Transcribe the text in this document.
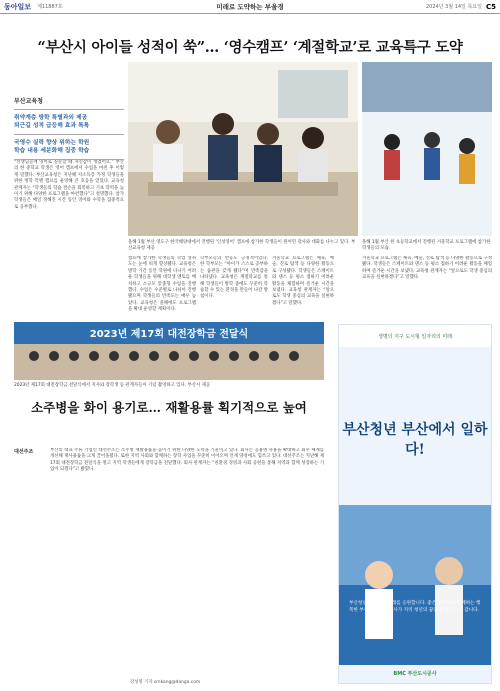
동아일보 제11887호	미래로 도약하는 부울경	2024년 3월 14일 목요일 C5
“부산시 아이들 성적이 쑥”… ‘영수캠프’ ‘계절학교’로 교육특구 도약
부산교육청
취약계층 방학 특별과외 제공
퇴근길 성적 급등해 효과 톡톡
국영수 실력 향상 위하는 학원
학습 내용 세분화해 집중 학습
“선생님들께 영어로 질문할 때 자신감이 생겼어요.” 부산의 한 중학교 학생은 영어 캠프에서 수업을 마친 후 이렇게 말했다. 부산교육청은 지난해 저소득층 가정 학생들을 위한 방학 특별 캠프를 운영해 큰 호응을 얻었다. 교육청 관계자는 “학생들의 학습 결손을 회복하고 기초 학력을 높이기 위해 다양한 프로그램을 마련했다”고 설명했다. 참가 학생들은 매일 정해진 시간 동안 영어와 수학을 집중적으로 공부했다.
올해 1월 부산 영도구 한국해양대에서 진행된 ‘인성영어’ 캠프에 참가한 학생들이 원어민 강사와 대화를 나누고 있다. 부산교육청 제공
올해 1월 부산 한 초등학교에서 진행된 겨울학교 프로그램에 참가한 학생들의 모습.
캠프에 참가한 학생들의 학업 성취도는 눈에 띄게 향상됐다. 교육청은 방학 기간 동안 학원에 다니기 어려운 학생들을 위해 대학생 멘토를 배치하고 소규모 맞춤형 수업을 진행했다. 수업은 수준별로 나뉘어 진행됐으며 학생들의 만족도는 매우 높았다. 교육청은 올해에도 프로그램을 확대 운영할 계획이다.
학부모들의 반응도 긍정적이었다. 한 학부모는 “아이가 스스로 공부하는 습관을 갖게 됐다”며 만족감을 나타냈다. 교육청은 계절학교를 통해 학생들이 방학 중에도 꾸준히 학습할 수 있는 환경을 만들어 나갈 방침이다.
겨울학교 프로그램은 체육, 예술, 진로 탐색 등 다양한 활동으로 구성됐다. 학생들은 스케이트와 댄스 등 평소 접하기 어려운 활동을 체험하며 즐거운 시간을 보냈다. 교육청 관계자는 “앞으로도 학생 중심의 교육을 실현하겠다”고 말했다.
겨울학교 프로그램은 체육, 예술, 진로 탐색 등 다양한 활동으로 구성됐다. 학생들은 스케이트와 댄스 등 평소 접하기 어려운 활동을 체험하며 즐거운 시간을 보냈다. 교육청 관계자는 “앞으로도 학생 중심의 교육을 실현하겠다”고 말했다.
2023년 제17회 대전장학금 전달식
2023년 제17회 대전장학금 전달식에서 지사와 장학생 등 관계자들이 기념 촬영하고 있다. 부산시 제공
소주병을 화이 용기로… 재활용률 획기적으로 높여
대선주조	부산의 대표 주류 기업인 대선주조는 소주병 재활용률을 높이기 위한 다양한 노력을 기울이고 있다. 회사는 공용병 사용을 확대하고 회수 체계를 개선해 재사용률을 크게 끌어올렸다. 또한 지역 사회와 함께하는 장학 사업을 꾸준히 이어오며 인재 양성에도 힘쓰고 있다. 대선주조는 지난해 제17회 대전장학금 전달식을 열고 지역 학생들에게 장학금을 전달했다. 회사 관계자는 “친환경 경영과 사회 공헌을 통해 지역과 함께 성장하는 기업이 되겠다”고 밝혔다.
강성명 기자 smkang@donga.com
생명의 지구 도시형 일자리의 미래
부산청년 부산에서 일하다!
부산청년 여러분의 미래를 응원합니다. 좋은 일자리와 함께하는 행복한 부산, 부산도시공사가 지역 청년의 꿈을 함께 만들어 갑니다.
BMC 부산도시공사
